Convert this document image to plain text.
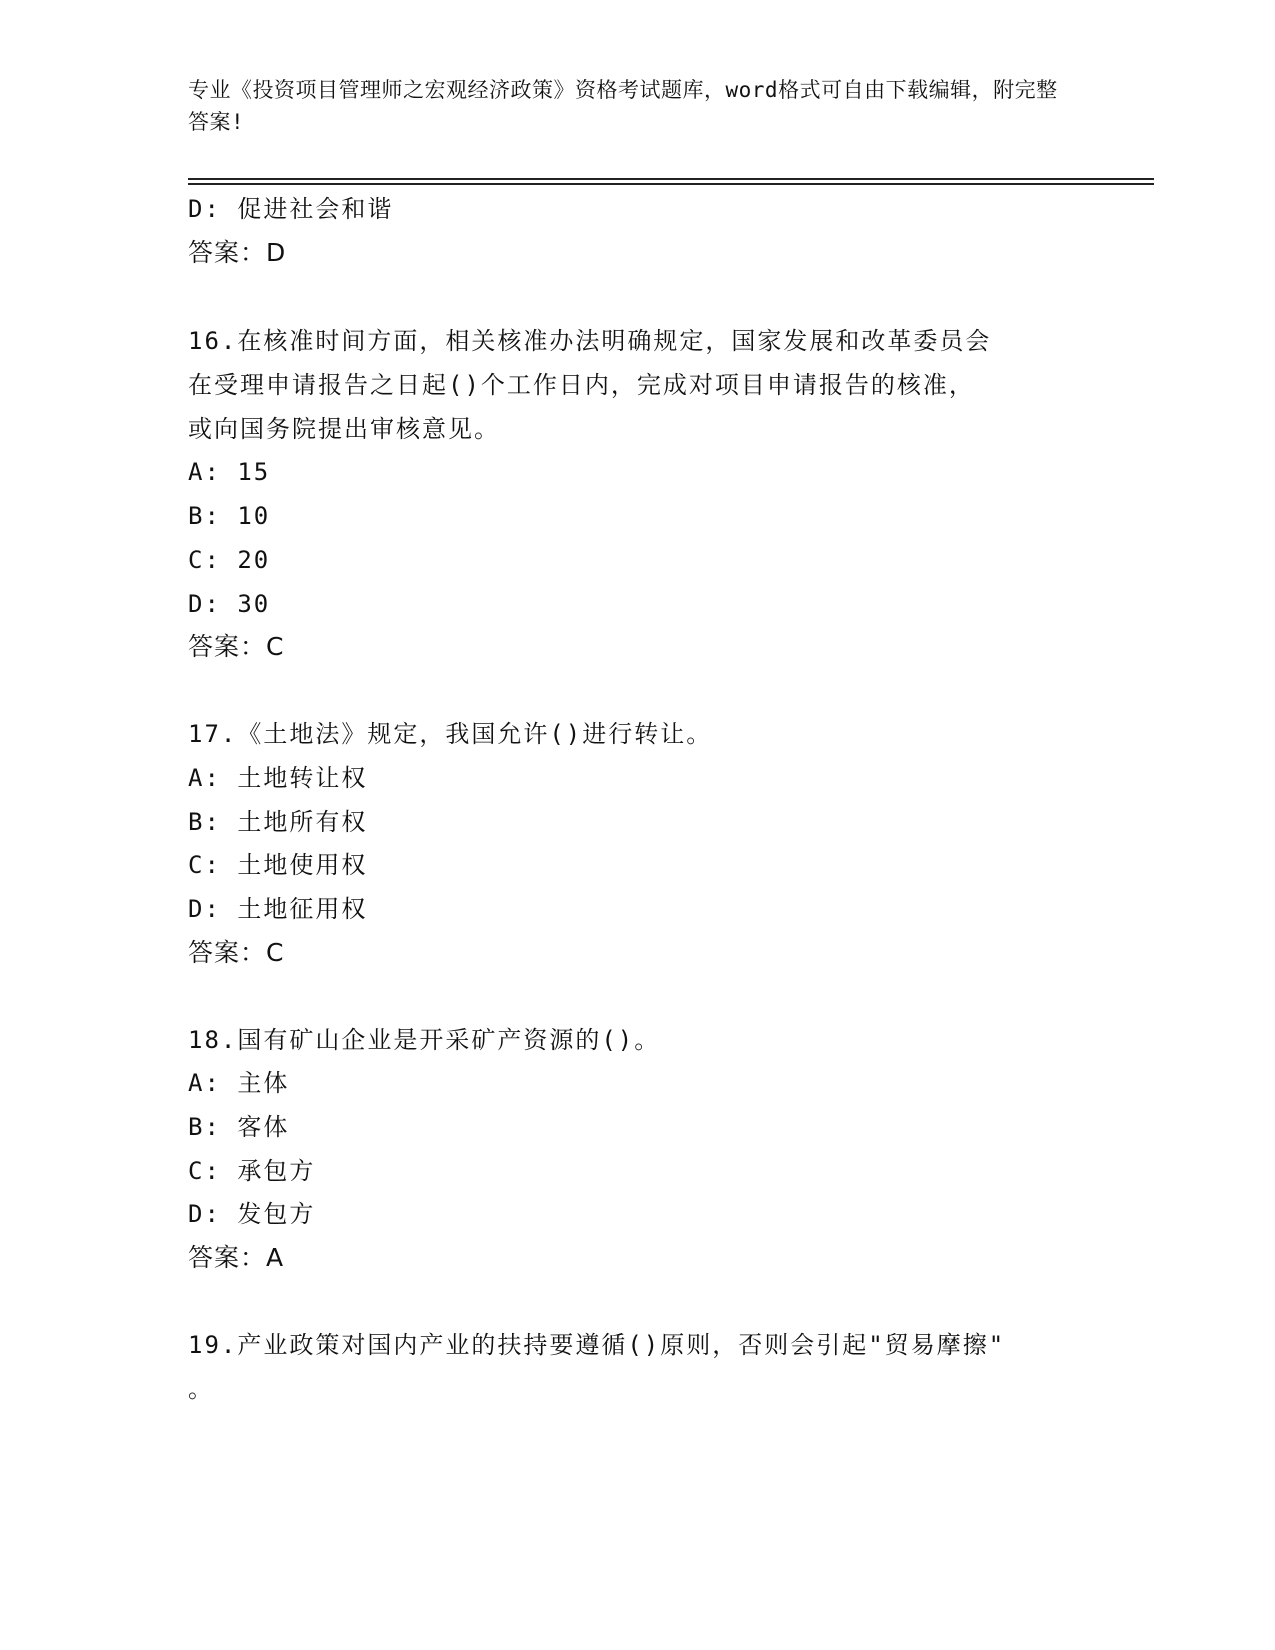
专业《投资项目管理师之宏观经济政策》资格考试题库，word格式可自由下载编辑，附完整答案!
D: 促进社会和谐
答案：D
16.在核准时间方面，相关核准办法明确规定，国家发展和改革委员会
在受理申请报告之日起()个工作日内，完成对项目申请报告的核准，
或向国务院提出审核意见。
A: 15
B: 10
C: 20
D: 30
答案：C
17.《土地法》规定，我国允许()进行转让。
A: 土地转让权
B: 土地所有权
C: 土地使用权
D: 土地征用权
答案：C
18.国有矿山企业是开采矿产资源的()。
A: 主体
B: 客体
C: 承包方
D: 发包方
答案：A
19.产业政策对国内产业的扶持要遵循()原则，否则会引起"贸易摩擦"
。
